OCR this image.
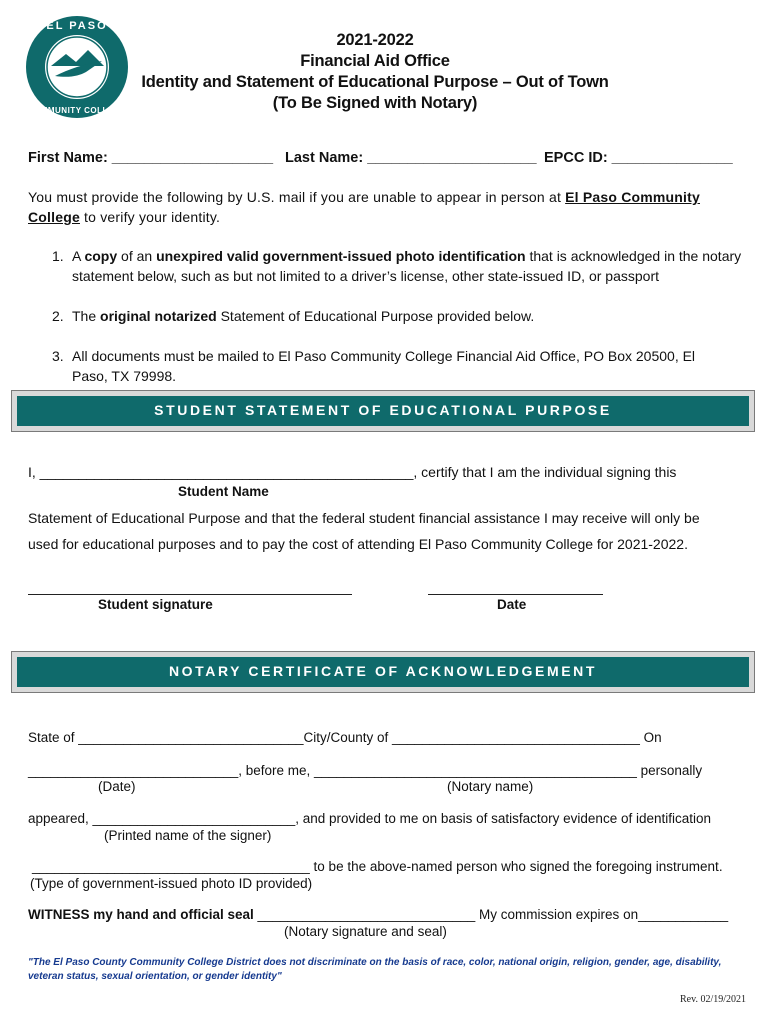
EL PASO
COMMUNITY COLLEGE
2021-2022
Financial Aid Office
Identity and Statement of Educational Purpose – Out of Town
(To Be Signed with Notary)
First Name: ____________________ Last Name: _____________________ EPCC ID: _______________
You must provide the following by U.S. mail if you are unable to appear in person at El Paso Community
College to verify your identity.
1. A copy of an unexpired valid government-issued photo identification that is acknowledged in the notary
statement below, such as but not limited to a driver’s license, other state-issued ID, or passport
2. The original notarized Statement of Educational Purpose provided below.
3. All documents must be mailed to El Paso Community College Financial Aid Office, PO Box 20500, El
Paso, TX 79998.
STUDENT STATEMENT OF EDUCATIONAL PURPOSE
I, ________________________________________________, certify that I am the individual signing this
Student Name
Statement of Educational Purpose and that the federal student financial assistance I may receive will only be
used for educational purposes and to pay the cost of attending El Paso Community College for 2021-2022.
Student signature	Date
NOTARY CERTIFICATE OF ACKNOWLEDGEMENT
State of ______________________________City/County of _________________________________ On
____________________________, before me, ___________________________________________ personally
(Date)	(Notary name)
appeared, ___________________________, and provided to me on basis of satisfactory evidence of identification
(Printed name of the signer)
_____________________________________ to be the above-named person who signed the foregoing instrument.
(Type of government-issued photo ID provided)
WITNESS my hand and official seal _____________________________ My commission expires on____________
(Notary signature and seal)
"The El Paso County Community College District does not discriminate on the basis of race, color, national origin, religion, gender, age, disability, veteran status, sexual orientation, or gender identity"
Rev. 02/19/2021
